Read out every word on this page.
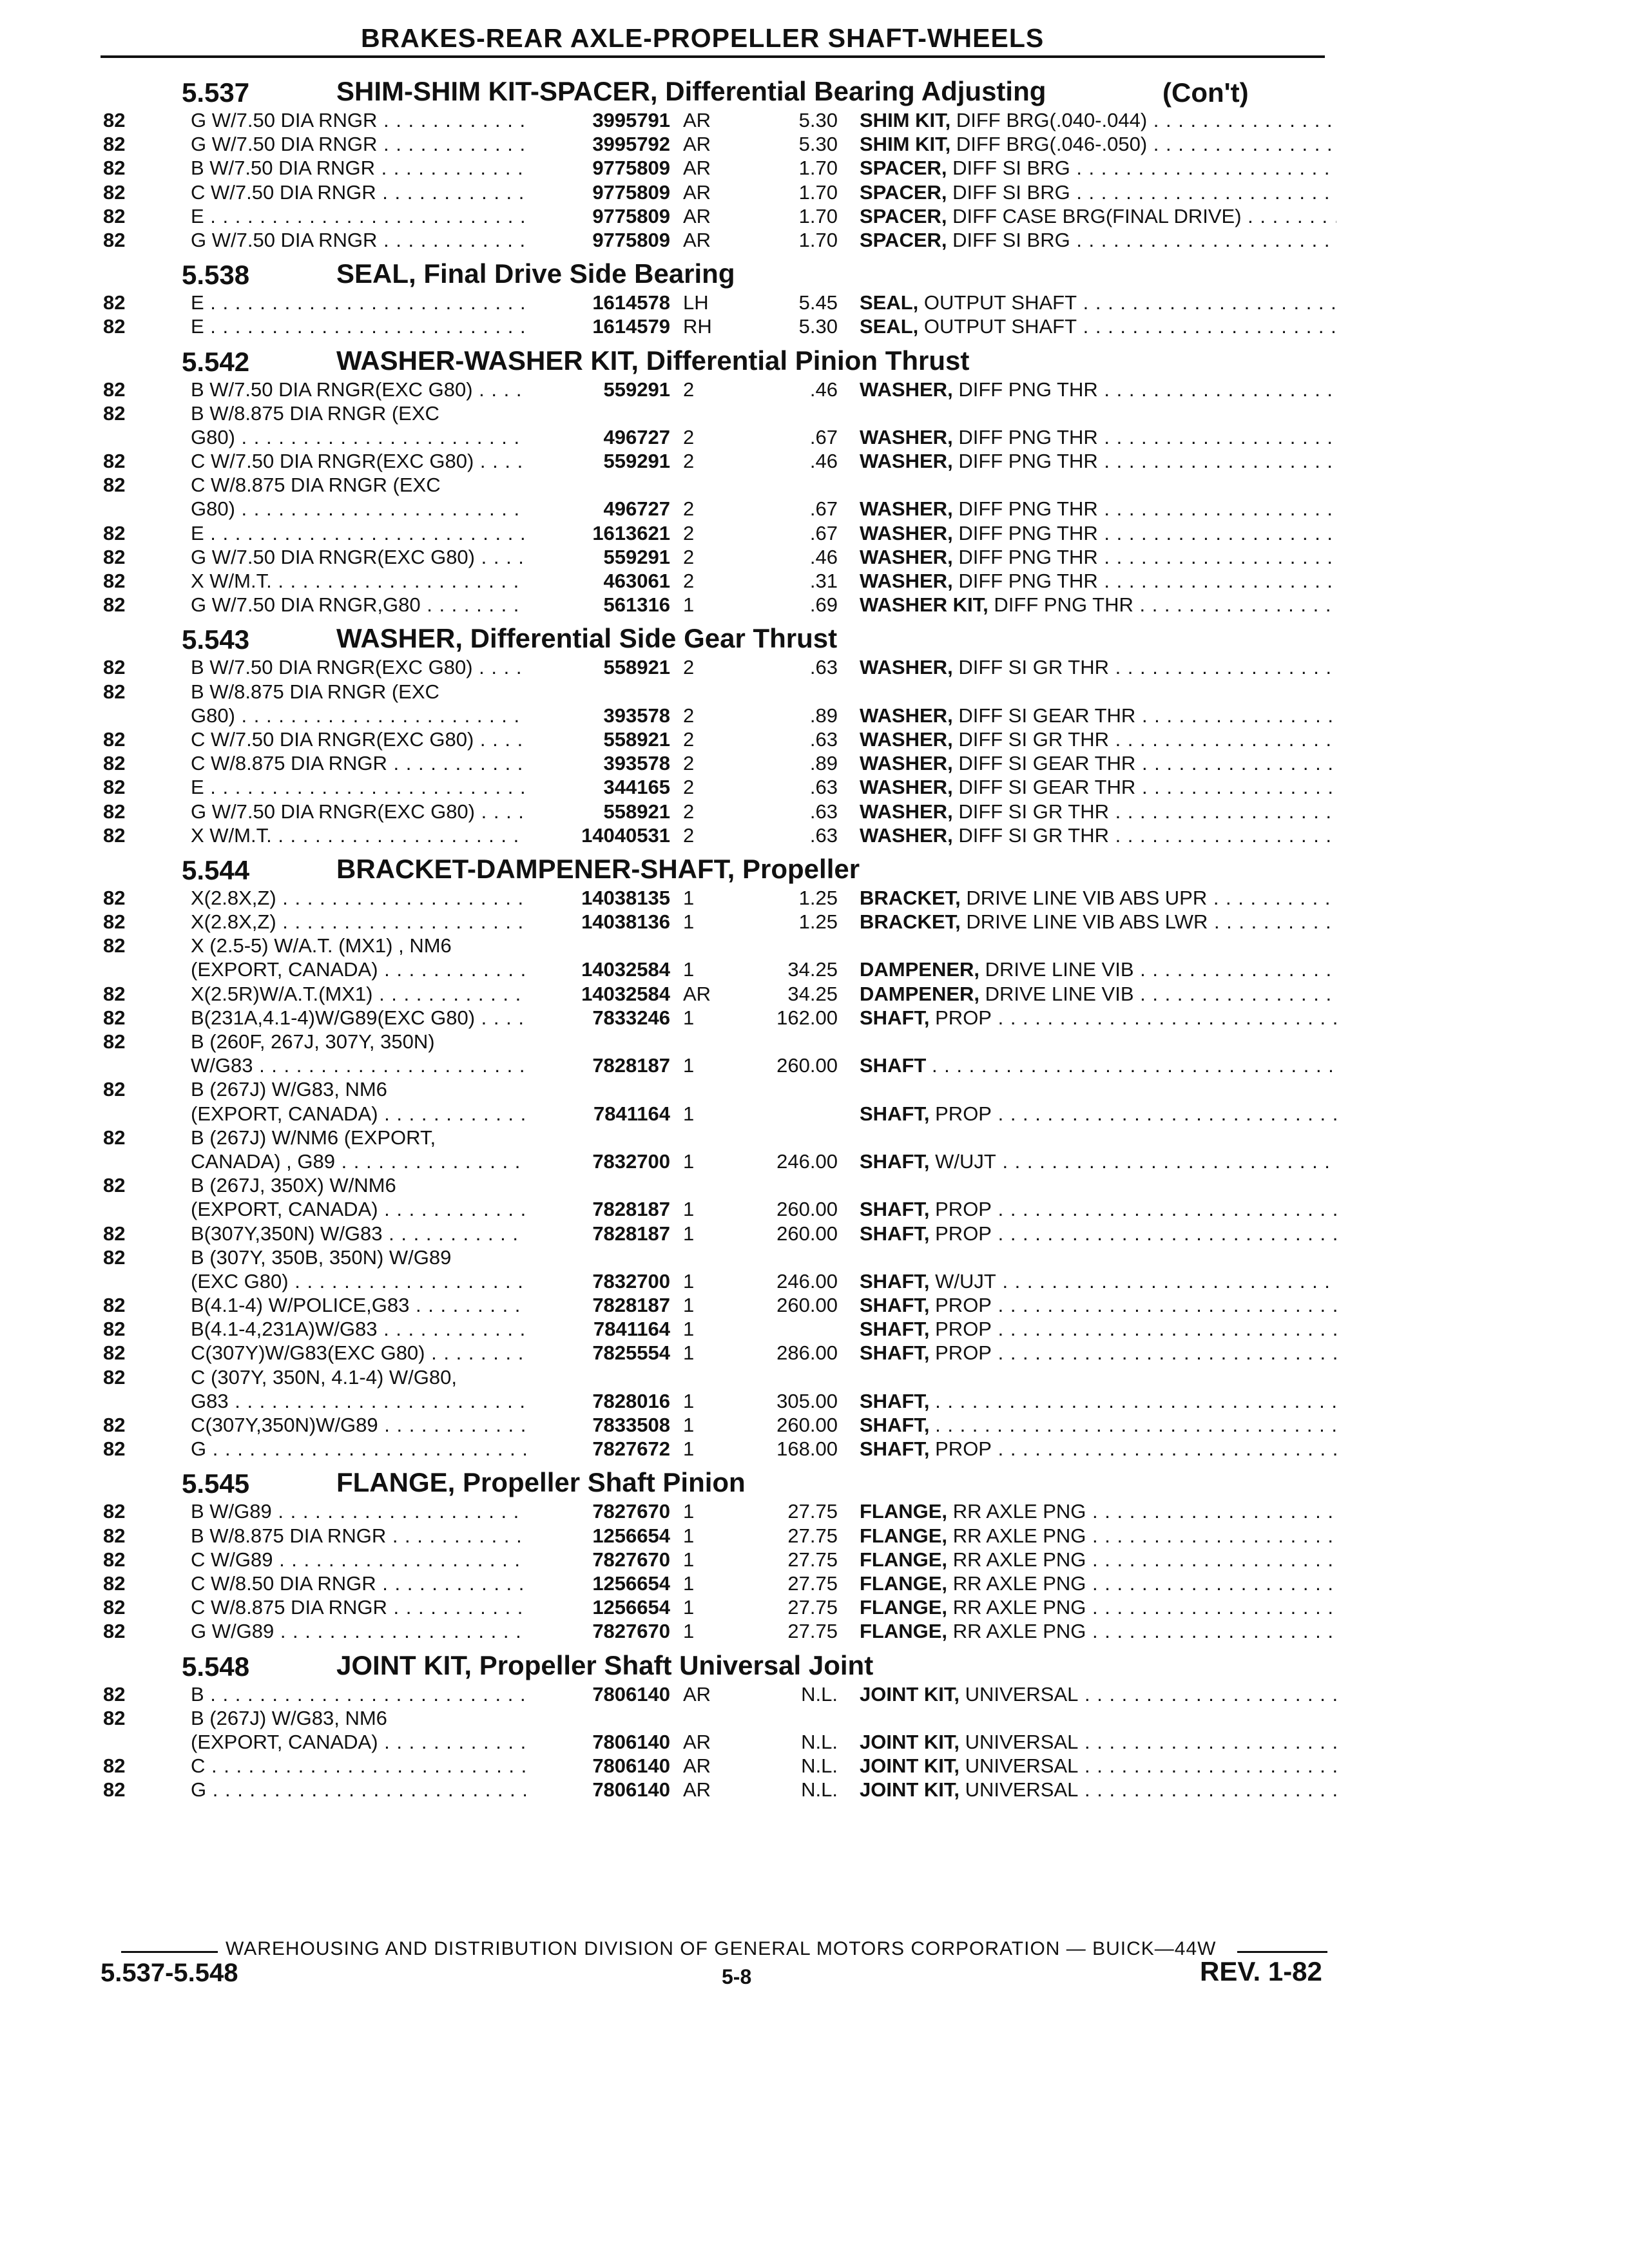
BRAKES-REAR AXLE-PROPELLER SHAFT-WHEELS
5.537	SHIM-SHIM KIT-SPACER, Differential Bearing Adjusting	(Con't)
82	G W/7.50 DIA RNGR . . .	3995791 AR	5.30 SHIM KIT, DIFF BRG(.040-.044) . . .
82	G W/7.50 DIA RNGR . . .	3995792 AR	5.30 SHIM KIT, DIFF BRG(.046-.050) . . .
82	B W/7.50 DIA RNGR . . .	9775809 AR	1.70 SPACER, DIFF SI BRG . . .
82	C W/7.50 DIA RNGR . . .	9775809 AR	1.70 SPACER, DIFF SI BRG . . .
82	E . . .	9775809 AR	1.70 SPACER, DIFF CASE BRG(FINAL DRIVE) . . .
82	G W/7.50 DIA RNGR . . .	9775809 AR	1.70 SPACER, DIFF SI BRG . . .
5.538	SEAL, Final Drive Side Bearing
82	E . . .	1614578 LH	5.45 SEAL, OUTPUT SHAFT . . .
82	E . . .	1614579 RH	5.30 SEAL, OUTPUT SHAFT . . .
5.542	WASHER-WASHER KIT, Differential Pinion Thrust
82	B W/7.50 DIA RNGR(EXC G80) . . .	559291 2	.46 WASHER, DIFF PNG THR . . .
82	B W/8.875 DIA RNGR (EXC
G80) . . .	496727 2	.67 WASHER, DIFF PNG THR . . .
82	C W/7.50 DIA RNGR(EXC G80) . . .	559291 2	.46 WASHER, DIFF PNG THR . . .
82	C W/8.875 DIA RNGR (EXC
G80) . . .	496727 2	.67 WASHER, DIFF PNG THR . . .
82	E . . .	1613621 2	.67 WASHER, DIFF PNG THR . . .
82	G W/7.50 DIA RNGR(EXC G80) . . .	559291 2	.46 WASHER, DIFF PNG THR . . .
82	X W/M.T. . . .	463061 2	.31 WASHER, DIFF PNG THR . . .
82	G W/7.50 DIA RNGR,G80 . . .	561316 1	.69 WASHER KIT, DIFF PNG THR . . .
5.543	WASHER, Differential Side Gear Thrust
82	B W/7.50 DIA RNGR(EXC G80) . . .	558921 2	.63 WASHER, DIFF SI GR THR . . .
82	B W/8.875 DIA RNGR (EXC
G80) . . .	393578 2	.89 WASHER, DIFF SI GEAR THR . . .
82	C W/7.50 DIA RNGR(EXC G80) . . .	558921 2	.63 WASHER, DIFF SI GR THR . . .
82	C W/8.875 DIA RNGR . . .	393578 2	.89 WASHER, DIFF SI GEAR THR . . .
82	E . . .	344165 2	.63 WASHER, DIFF SI GEAR THR . . .
82	G W/7.50 DIA RNGR(EXC G80) . . .	558921 2	.63 WASHER, DIFF SI GR THR . . .
82	X W/M.T. . . .	14040531 2	.63 WASHER, DIFF SI GR THR . . .
5.544	BRACKET-DAMPENER-SHAFT, Propeller
82	X(2.8X,Z) . . .	14038135 1	1.25 BRACKET, DRIVE LINE VIB ABS UPR . . .
82	X(2.8X,Z) . . .	14038136 1	1.25 BRACKET, DRIVE LINE VIB ABS LWR . . .
82	X (2.5-5) W/A.T. (MX1) , NM6
(EXPORT, CANADA) . . .	14032584 1	34.25 DAMPENER, DRIVE LINE VIB . . .
82	X(2.5R)W/A.T.(MX1) . . .	14032584 AR	34.25 DAMPENER, DRIVE LINE VIB . . .
82	B(231A,4.1-4)W/G89(EXC G80) . . .	7833246 1	162.00 SHAFT, PROP . . .
82	B (260F, 267J, 307Y, 350N)
W/G83 . . .	7828187 1	260.00 SHAFT . . .
82	B (267J) W/G83, NM6
(EXPORT, CANADA) . . .	7841164 1	SHAFT, PROP . . .
82	B (267J) W/NM6 (EXPORT,
CANADA) , G89 . . .	7832700 1	246.00 SHAFT, W/UJT . . .
82	B (267J, 350X) W/NM6
(EXPORT, CANADA) . . .	7828187 1	260.00 SHAFT, PROP . . .
82	B(307Y,350N) W/G83 . . .	7828187 1	260.00 SHAFT, PROP . . .
82	B (307Y, 350B, 350N) W/G89
(EXC G80) . . .	7832700 1	246.00 SHAFT, W/UJT . . .
82	B(4.1-4) W/POLICE,G83 . . .	7828187 1	260.00 SHAFT, PROP . . .
82	B(4.1-4,231A)W/G83 . . .	7841164 1	SHAFT, PROP . . .
82	C(307Y)W/G83(EXC G80) . . .	7825554 1	286.00 SHAFT, PROP . . .
82	C (307Y, 350N, 4.1-4) W/G80,
G83 . . .	7828016 1	305.00 SHAFT, . . .
82	C(307Y,350N)W/G89 . . .	7833508 1	260.00 SHAFT, . . .
82	G . . .	7827672 1	168.00 SHAFT, PROP . . .
5.545	FLANGE, Propeller Shaft Pinion
82	B W/G89 . . .	7827670 1	27.75 FLANGE, RR AXLE PNG . . .
82	B W/8.875 DIA RNGR . . .	1256654 1	27.75 FLANGE, RR AXLE PNG . . .
82	C W/G89 . . .	7827670 1	27.75 FLANGE, RR AXLE PNG . . .
82	C W/8.50 DIA RNGR . . .	1256654 1	27.75 FLANGE, RR AXLE PNG . . .
82	C W/8.875 DIA RNGR . . .	1256654 1	27.75 FLANGE, RR AXLE PNG . . .
82	G W/G89 . . .	7827670 1	27.75 FLANGE, RR AXLE PNG . . .
5.548	JOINT KIT, Propeller Shaft Universal Joint
82	B . . .	7806140 AR	N.L. JOINT KIT, UNIVERSAL . . .
82	B (267J) W/G83, NM6
(EXPORT, CANADA) . . .	7806140 AR	N.L. JOINT KIT, UNIVERSAL . . .
82	C . . .	7806140 AR	N.L. JOINT KIT, UNIVERSAL . . .
82	G . . .	7806140 AR	N.L. JOINT KIT, UNIVERSAL . . .
WAREHOUSING AND DISTRIBUTION DIVISION OF GENERAL MOTORS CORPORATION — BUICK—44W
5.537-5.548	5-8	REV. 1-82
